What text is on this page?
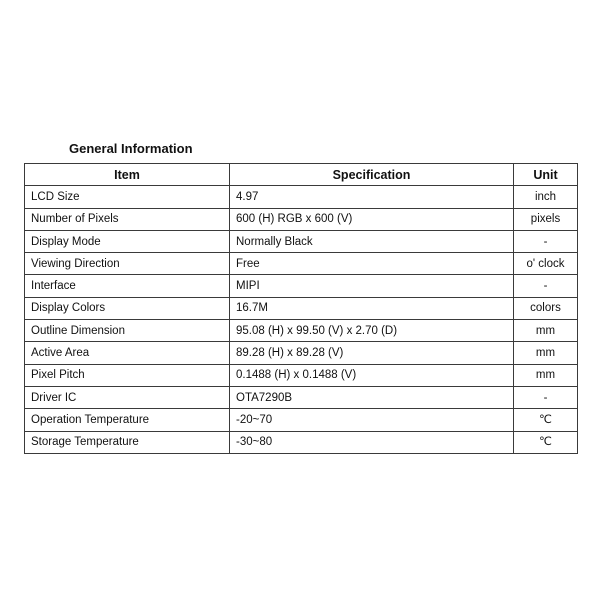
General Information
Item	Specification	Unit
LCD Size	4.97	inch
Number of Pixels	600 (H) RGB x 600 (V)	pixels
Display Mode	Normally Black	-
Viewing Direction	Free	o' clock
Interface	MIPI	-
Display Colors	16.7M	colors
Outline Dimension	95.08 (H) x 99.50 (V) x 2.70 (D)	mm
Active Area	89.28 (H) x 89.28 (V)	mm
Pixel Pitch	0.1488 (H) x 0.1488 (V)	mm
Driver IC	OTA7290B	-
Operation Temperature	-20~70	℃
Storage Temperature	-30~80	℃
